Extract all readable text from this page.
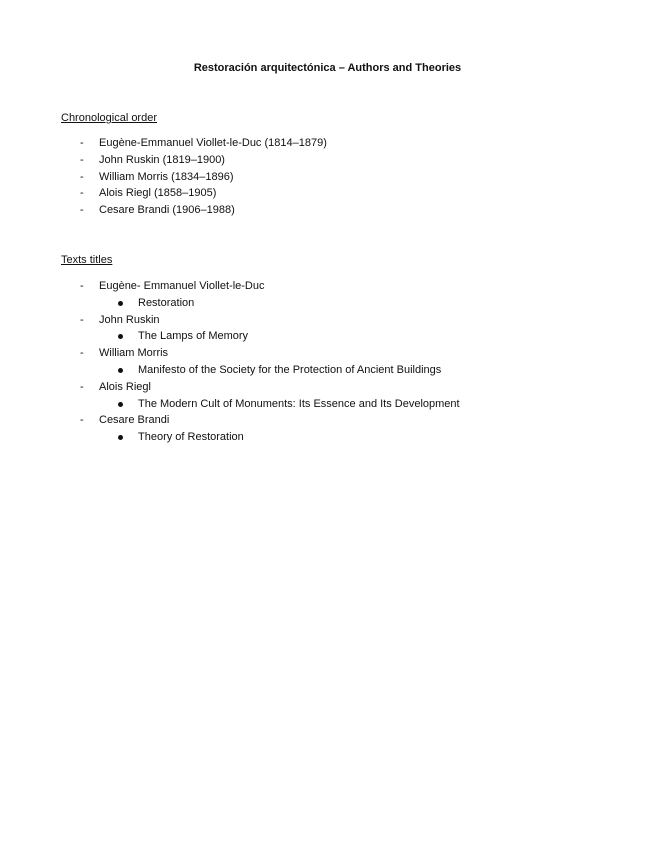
Restoración arquitectónica – Authors and Theories
Chronological order
-	Eugène-Emmanuel Viollet-le-Duc (1814–1879)
-	John Ruskin (1819–1900)
-	William Morris (1834–1896)
-	Alois Riegl (1858–1905)
-	Cesare Brandi (1906–1988)
Texts titles
-	Eugène- Emmanuel Viollet-le-Duc
Restoration
-	John Ruskin
The Lamps of Memory
-	William Morris
Manifesto of the Society for the Protection of Ancient Buildings
-	Alois Riegl
The Modern Cult of Monuments: Its Essence and Its Development
-	Cesare Brandi
Theory of Restoration
